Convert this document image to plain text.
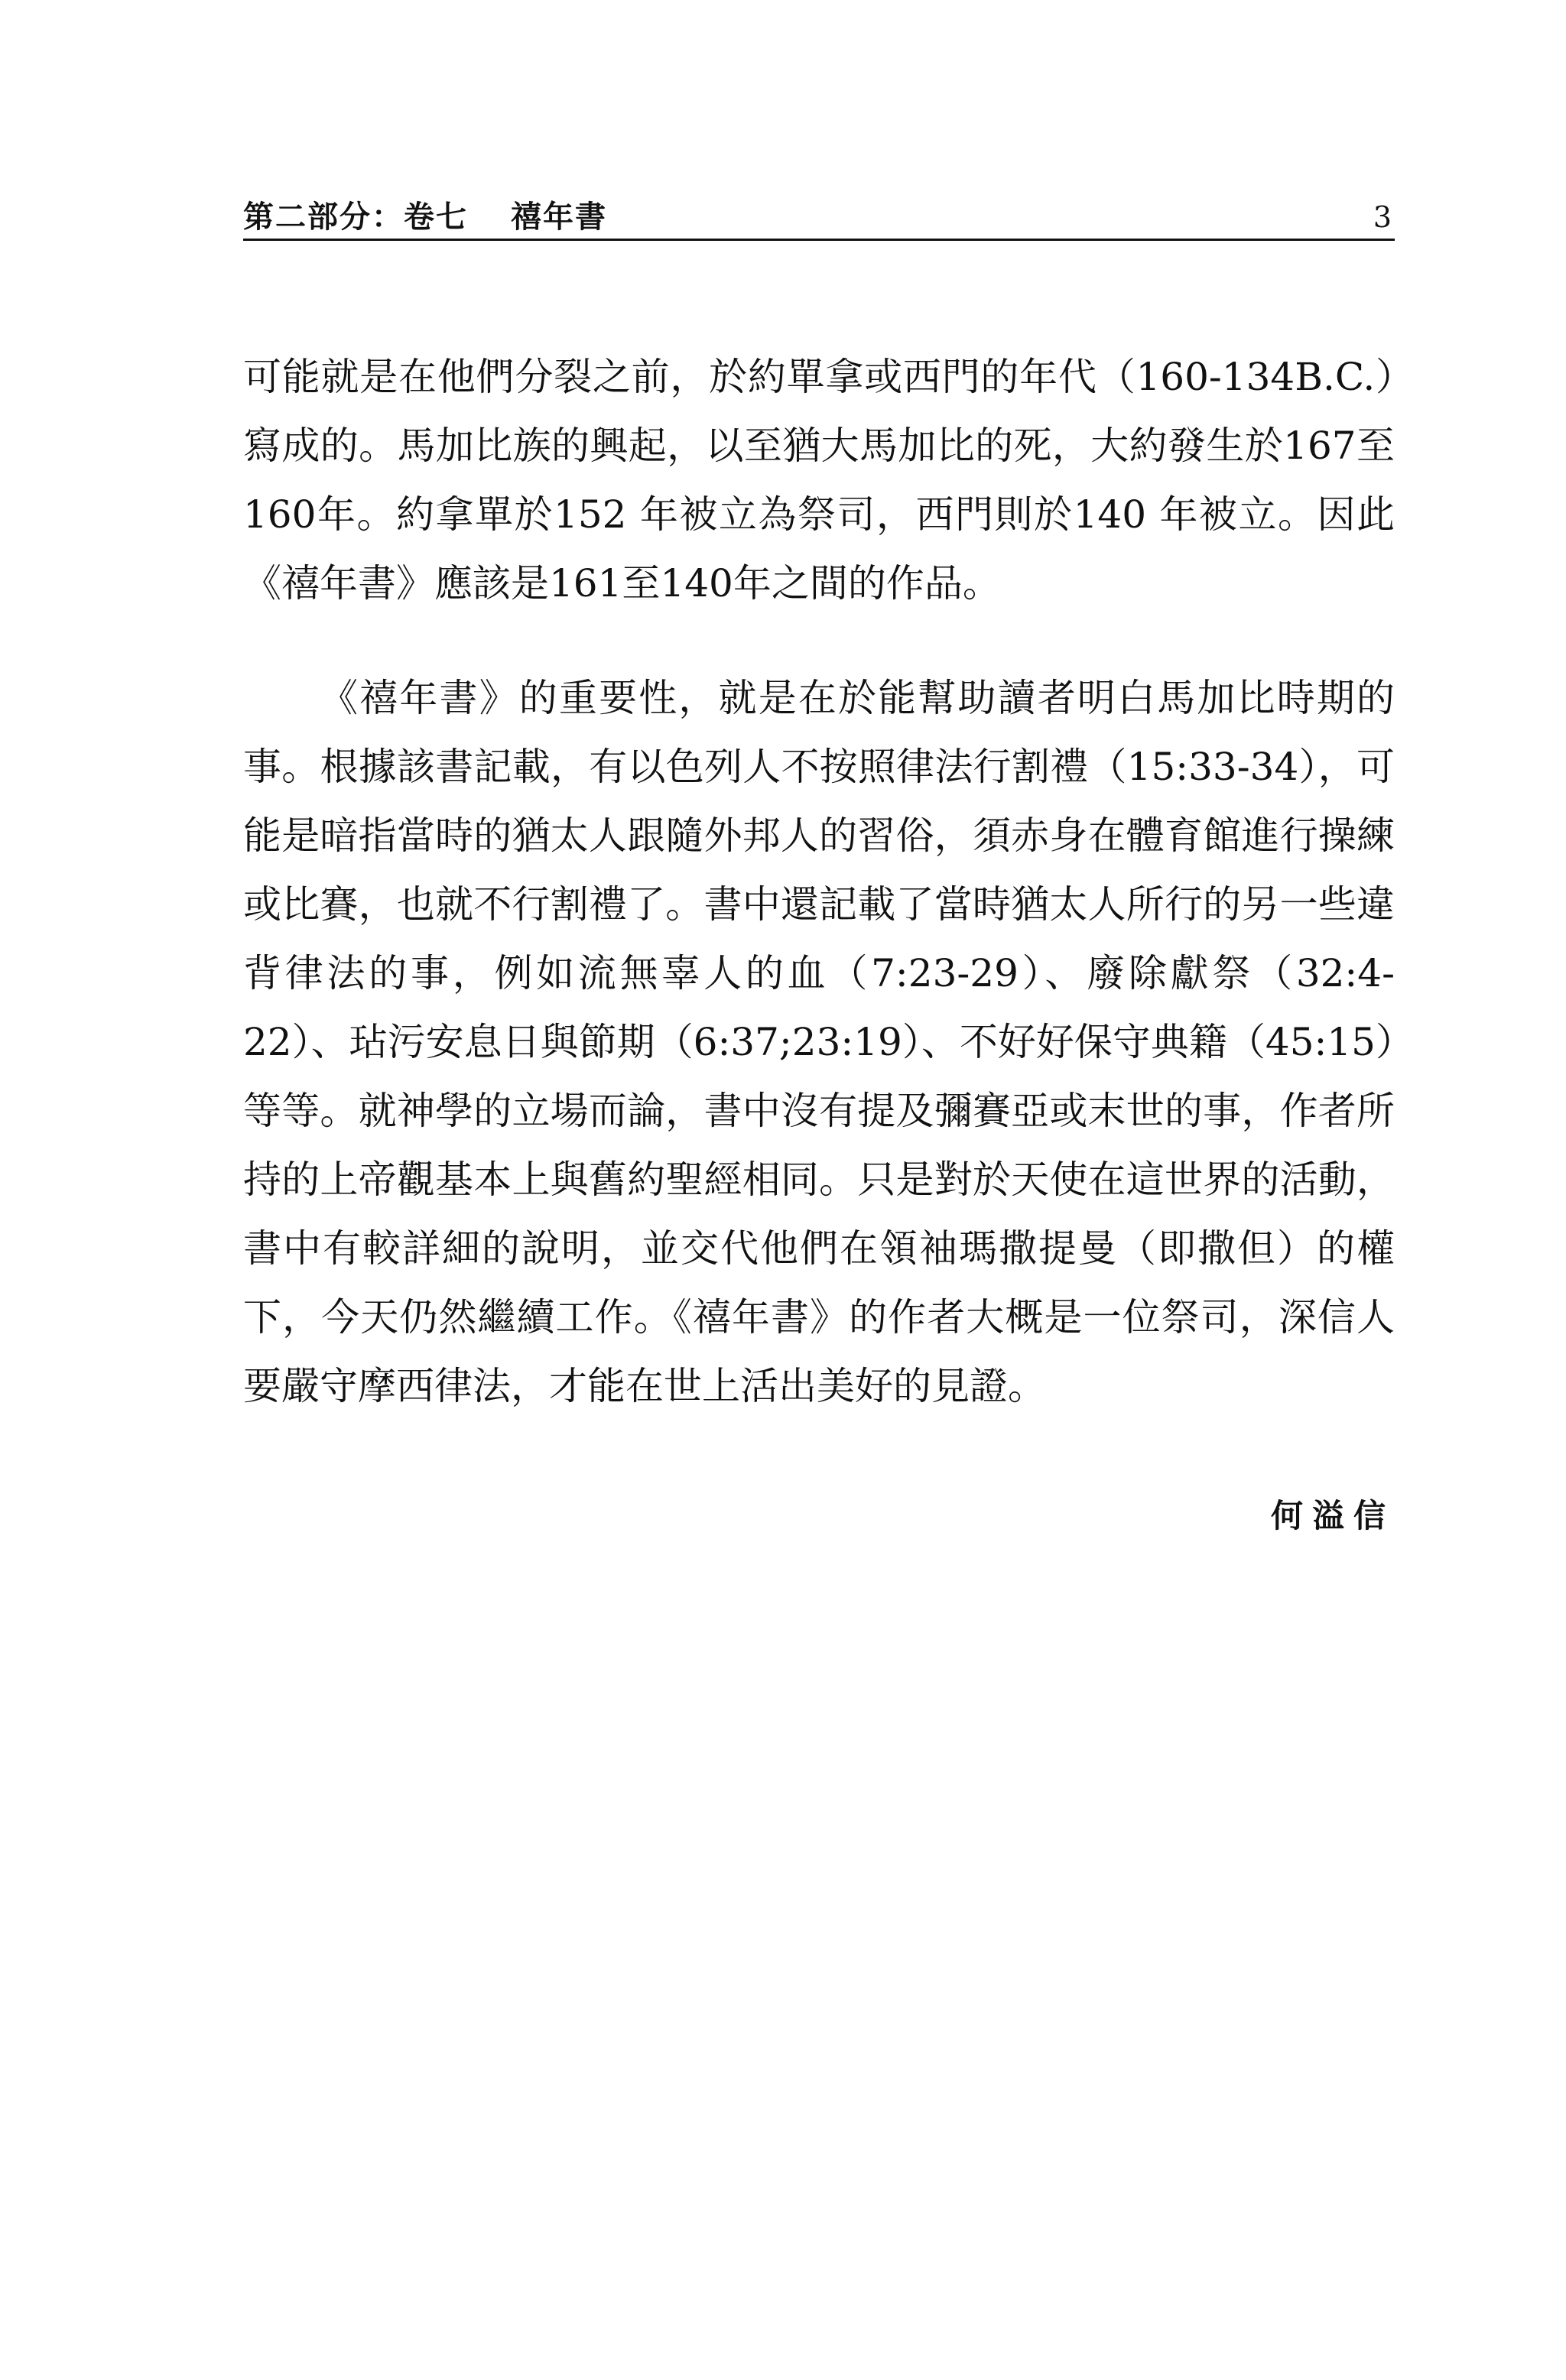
第二部分：卷七 禧年書	3

可能就是在他們分裂之前，於約單拿或西門的年代（160-134B.C.）寫成的。馬加比族的興起，以至猶大馬加比的死，大約發生於167至160年。約拿單於152 年被立為祭司，西門則於140 年被立。因此《禧年書》應該是161至140年之間的作品。

《禧年書》的重要性，就是在於能幫助讀者明白馬加比時期的事。根據該書記載，有以色列人不按照律法行割禮（15:33-34），可能是暗指當時的猶太人跟隨外邦人的習俗，須赤身在體育館進行操練或比賽，也就不行割禮了。書中還記載了當時猶太人所行的另一些違背律法的事，例如流無辜人的血（7:23-29）、廢除獻祭（32:4-22）、玷污安息日與節期（6:37;23:19）、不好好保守典籍（45:15）等等。就神學的立場而論，書中沒有提及彌賽亞或末世的事，作者所持的上帝觀基本上與舊約聖經相同。只是對於天使在這世界的活動，書中有較詳細的說明，並交代他們在領袖瑪撒提曼（即撒但）的權下，今天仍然繼續工作。《禧年書》的作者大概是一位祭司，深信人要嚴守摩西律法，才能在世上活出美好的見證。

何溢信
